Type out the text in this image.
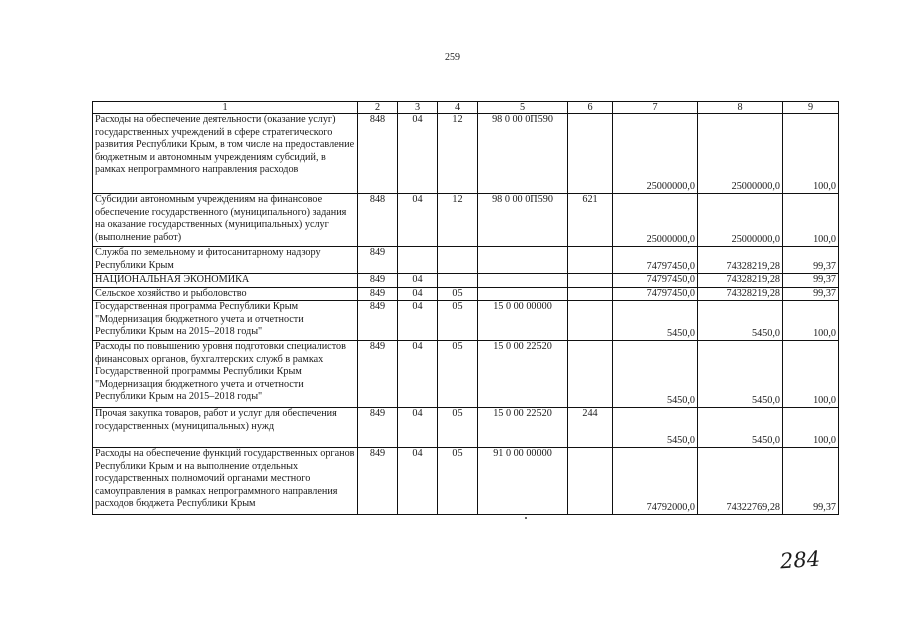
259
1	2	3	4	5	6	7	8	9
Расходы на обеспечение деятельности (оказание услуг) государственных учреждений в сфере стратегического развития Республики Крым, в том числе на предоставление бюджетным и автономным учреждениям субсидий, в рамках непрограммного направления расходов	848	04	12	98 0 00 0П590		25000000,0	25000000,0	100,0
Субсидии автономным учреждениям на финансовое обеспечение государственного (муниципального) задания на оказание государственных (муниципальных) услуг (выполнение работ)	848	04	12	98 0 00 0П590	621	25000000,0	25000000,0	100,0
Служба по земельному и фитосанитарному надзору Республики Крым	849					74797450,0	74328219,28	99,37
НАЦИОНАЛЬНАЯ ЭКОНОМИКА	849	04				74797450,0	74328219,28	99,37
Сельское хозяйство и рыболовство	849	04	05			74797450,0	74328219,28	99,37
Государственная программа Республики Крым "Модернизация бюджетного учета и отчетности Республики Крым на 2015–2018 годы"	849	04	05	15 0 00 00000		5450,0	5450,0	100,0
Расходы по повышению уровня подготовки специалистов финансовых органов, бухгалтерских служб в рамках Государственной программы Республики Крым "Модернизация бюджетного учета и отчетности Республики Крым на 2015–2018 годы"	849	04	05	15 0 00 22520		5450,0	5450,0	100,0
Прочая закупка товаров, работ и услуг для обеспечения государственных (муниципальных) нужд	849	04	05	15 0 00 22520	244	5450,0	5450,0	100,0
Расходы на обеспечение функций государственных органов Республики Крым и на выполнение отдельных государственных полномочий органами местного самоуправления в рамках непрограммного направления расходов бюджета Республики Крым	849	04	05	91 0 00 00000		74792000,0	74322769,28	99,37
284
